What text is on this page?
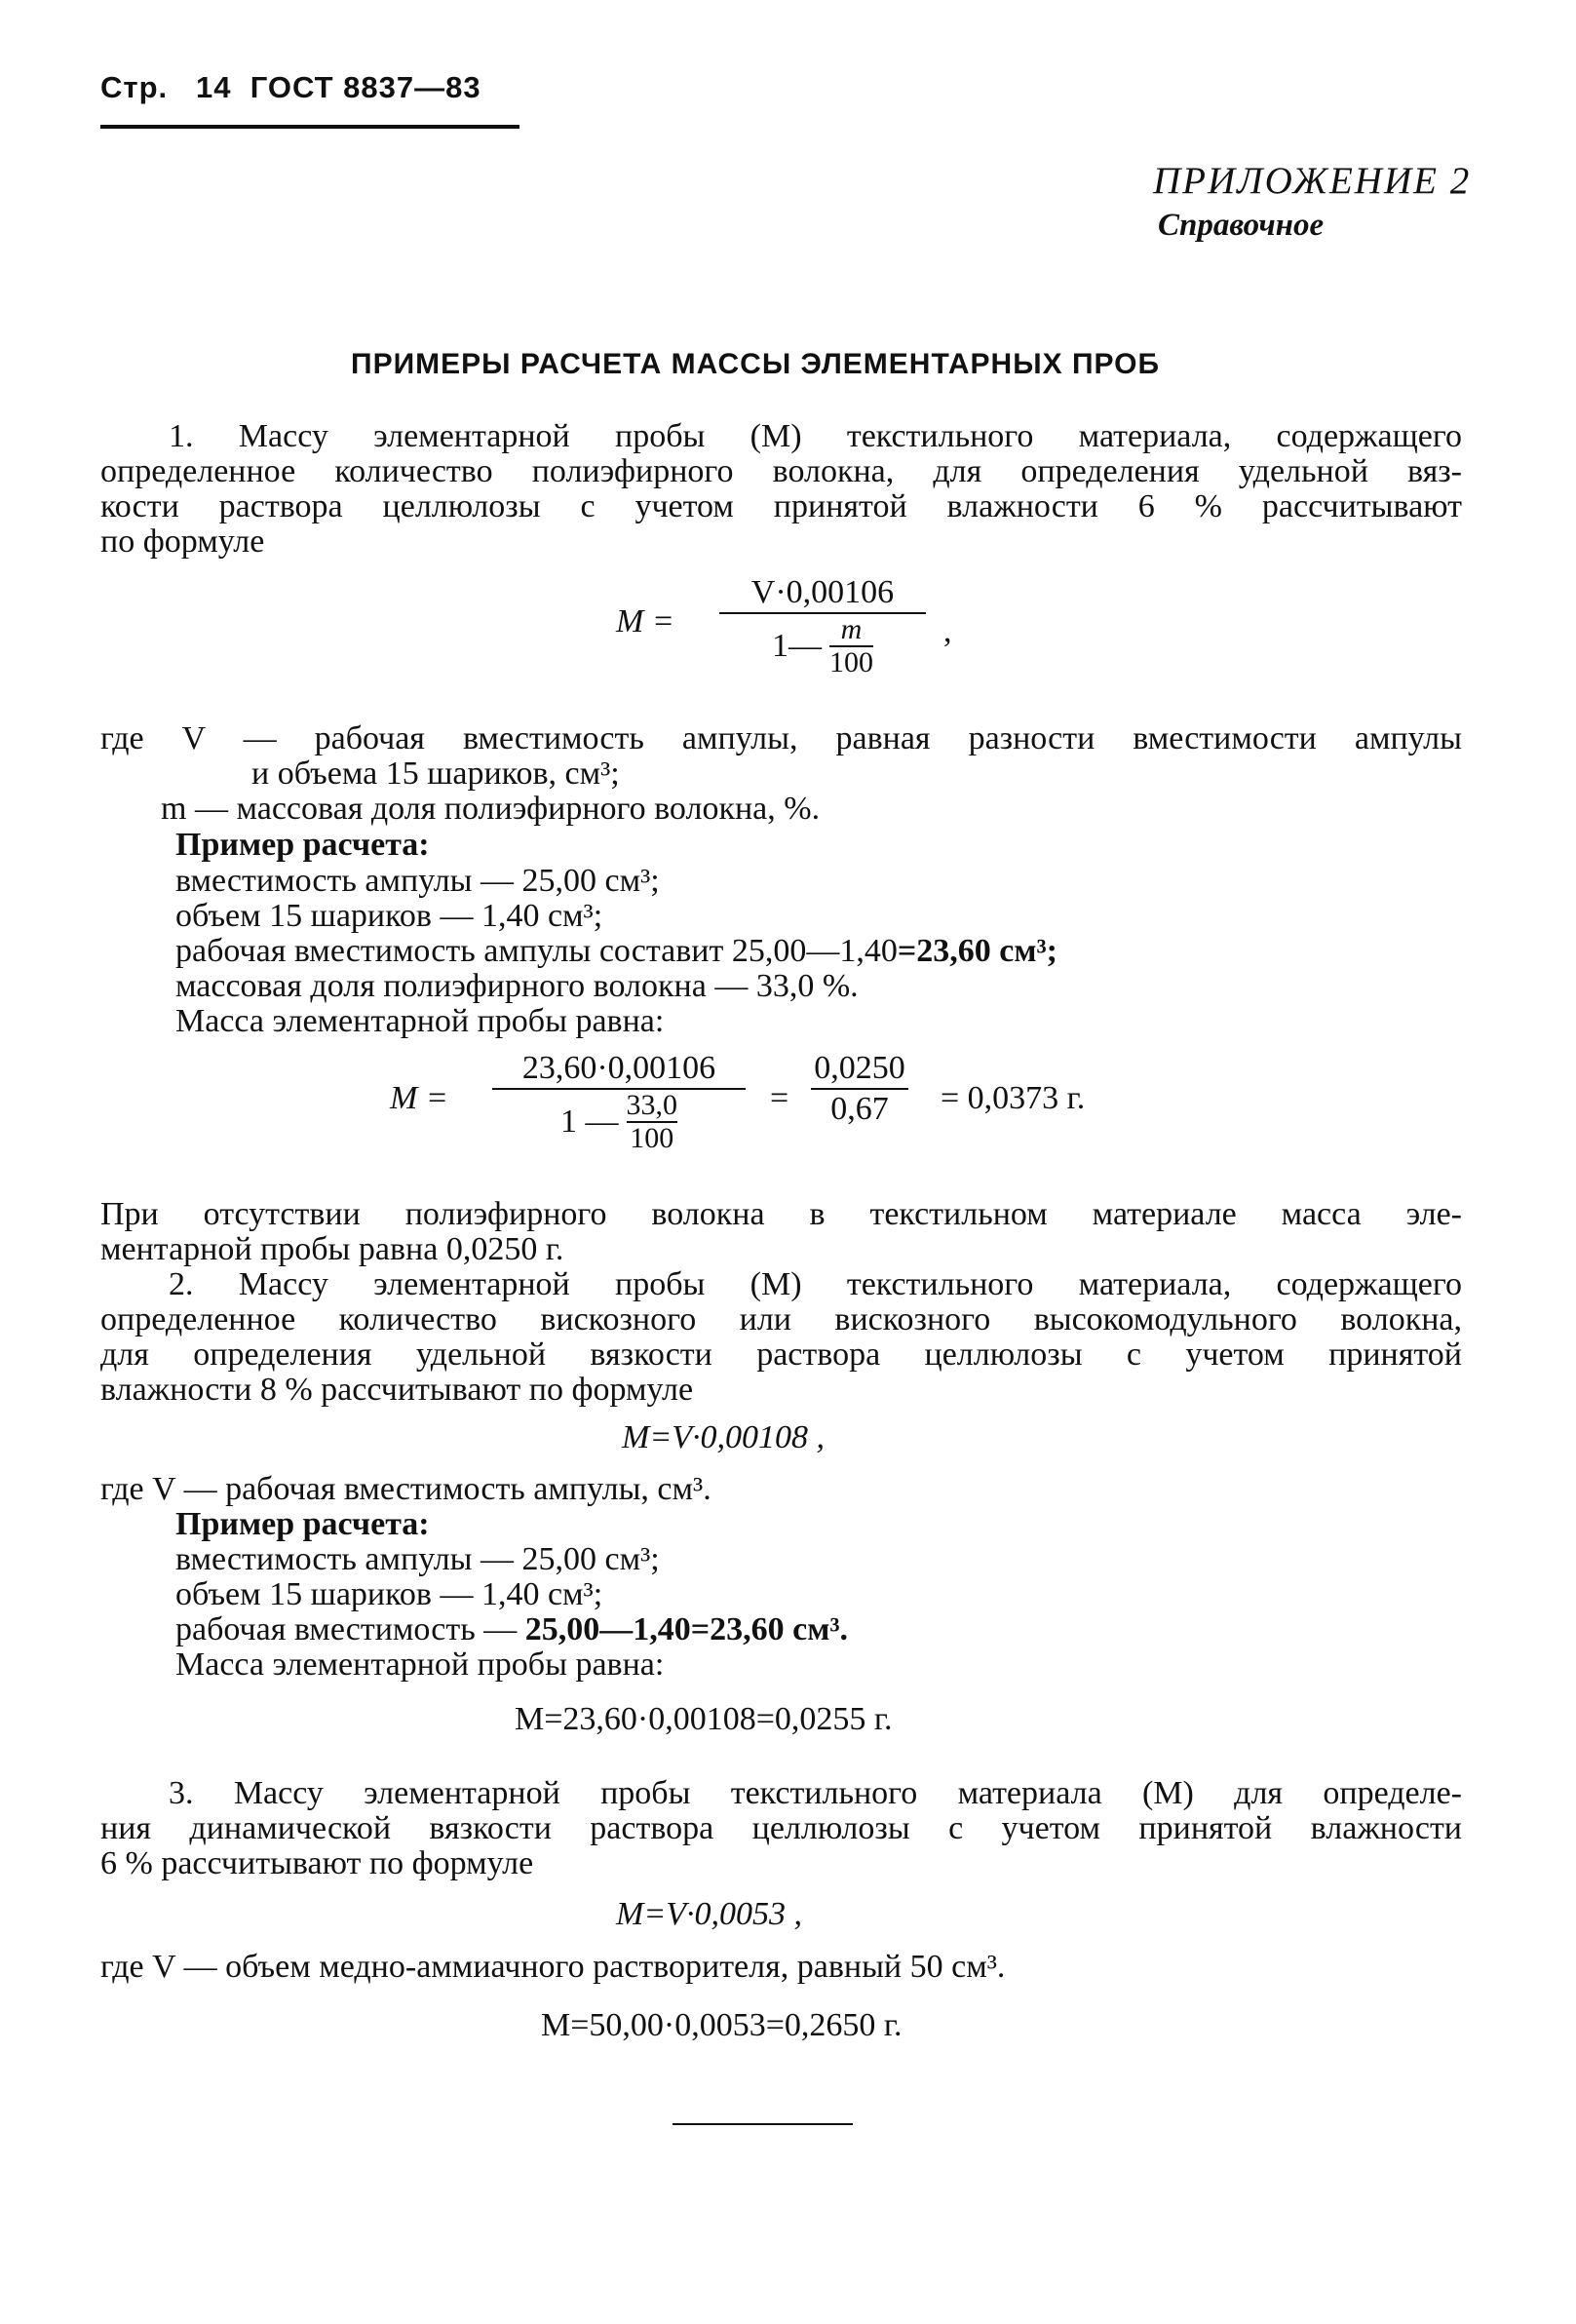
Стр. 14 ГОСТ 8837—83
ПРИЛОЖЕНИЕ 2
Справочное
ПРИМЕРЫ РАСЧЕТА МАССЫ ЭЛЕМЕНТАРНЫХ ПРОБ
1. Массу элементарной пробы (М) текстильного материала, содержащего
определенное количество полиэфирного волокна, для определения удельной вяз-
кости раствора целлюлозы с учетом принятой влажности 6 % рассчитывают
по формуле
M =
V·0,00106
1— m
100
,
где V — рабочая вместимость ампулы, равная разности вместимости ампулы
и объема 15 шариков, см³;
m — массовая доля полиэфирного волокна, %.
Пример расчета:
вместимость ампулы — 25,00 см³;
объем 15 шариков — 1,40 см³;
рабочая вместимость ампулы составит 25,00—1,40=23,60 см³;
массовая доля полиэфирного волокна — 33,0 %.
Масса элементарной пробы равна:
M =
23,60·0,00106
1 — 33,0
100
=
0,0250
0,67 = 0,0373 г.
При отсутствии полиэфирного волокна в текстильном материале масса эле-
ментарной пробы равна 0,0250 г.
2. Массу элементарной пробы (М) текстильного материала, содержащего
определенное количество вискозного или вискозного высокомодульного волокна,
для определения удельной вязкости раствора целлюлозы с учетом принятой
влажности 8 % рассчитывают по формуле
M=V·0,00108 ,
где V — рабочая вместимость ампулы, см³.
Пример расчета:
вместимость ампулы — 25,00 см³;
объем 15 шариков — 1,40 см³;
рабочая вместимость — 25,00—1,40=23,60 см³.
Масса элементарной пробы равна:
M=23,60·0,00108=0,0255 г.
3. Массу элементарной пробы текстильного материала (М) для определе-
ния динамической вязкости раствора целлюлозы с учетом принятой влажности
6 % рассчитывают по формуле
M=V·0,0053 ,
где V — объем медно-аммиачного растворителя, равный 50 см³.
M=50,00·0,0053=0,2650 г.
